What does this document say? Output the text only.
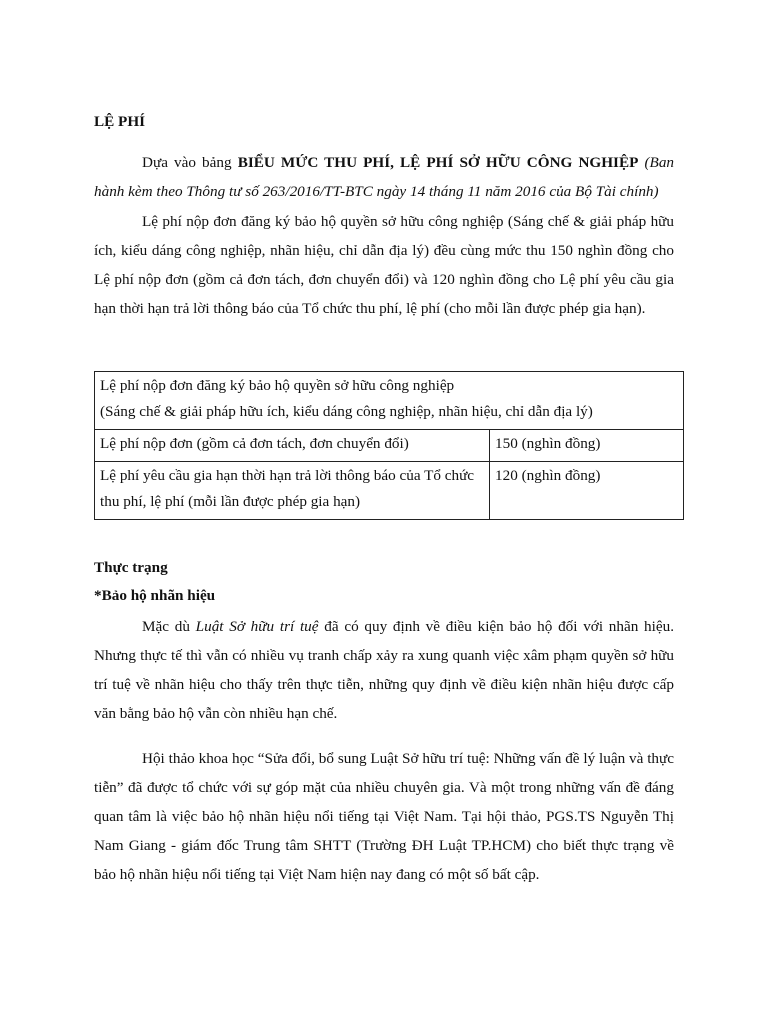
LỆ PHÍ

Dựa vào bảng BIỂU MỨC THU PHÍ, LỆ PHÍ SỞ HỮU CÔNG NGHIỆP (Ban hành kèm theo Thông tư số 263/2016/TT-BTC ngày 14 tháng 11 năm 2016 của Bộ Tài chính)

Lệ phí nộp đơn đăng ký bảo hộ quyền sở hữu công nghiệp (Sáng chế & giải pháp hữu ích, kiểu dáng công nghiệp, nhãn hiệu, chỉ dẫn địa lý) đều cùng mức thu 150 nghìn đồng cho Lệ phí nộp đơn (gồm cả đơn tách, đơn chuyển đổi) và 120 nghìn đồng cho Lệ phí yêu cầu gia hạn thời hạn trả lời thông báo của Tổ chức thu phí, lệ phí (cho mỗi lần được phép gia hạn).

Lệ phí nộp đơn đăng ký bảo hộ quyền sở hữu công nghiệp
(Sáng chế & giải pháp hữu ích, kiểu dáng công nghiệp, nhãn hiệu, chỉ dẫn địa lý)	

Lệ phí nộp đơn (gồm cả đơn tách, đơn chuyển đổi)	150 (nghìn đồng)
Lệ phí yêu cầu gia hạn thời hạn trả lời thông báo của Tổ chức thu phí, lệ phí (mỗi lần được phép gia hạn)	120 (nghìn đồng)

Thực trạng

*Bảo hộ nhãn hiệu

Mặc dù Luật Sở hữu trí tuệ đã có quy định về điều kiện bảo hộ đối với nhãn hiệu. Nhưng thực tế thì vẫn có nhiều vụ tranh chấp xảy ra xung quanh việc xâm phạm quyền sở hữu trí tuệ về nhãn hiệu cho thấy trên thực tiễn, những quy định về điều kiện nhãn hiệu được cấp văn bằng bảo hộ vẫn còn nhiều hạn chế.

Hội thảo khoa học “Sửa đổi, bổ sung Luật Sở hữu trí tuệ: Những vấn đề lý luận và thực tiễn” đã được tổ chức với sự góp mặt của nhiều chuyên gia. Và một trong những vấn đề đáng quan tâm là việc bảo hộ nhãn hiệu nổi tiếng tại Việt Nam. Tại hội thảo, PGS.TS Nguyễn Thị Nam Giang - giám đốc Trung tâm SHTT (Trường ĐH Luật TP.HCM) cho biết thực trạng về bảo hộ nhãn hiệu nổi tiếng tại Việt Nam hiện nay đang có một số bất cập.
